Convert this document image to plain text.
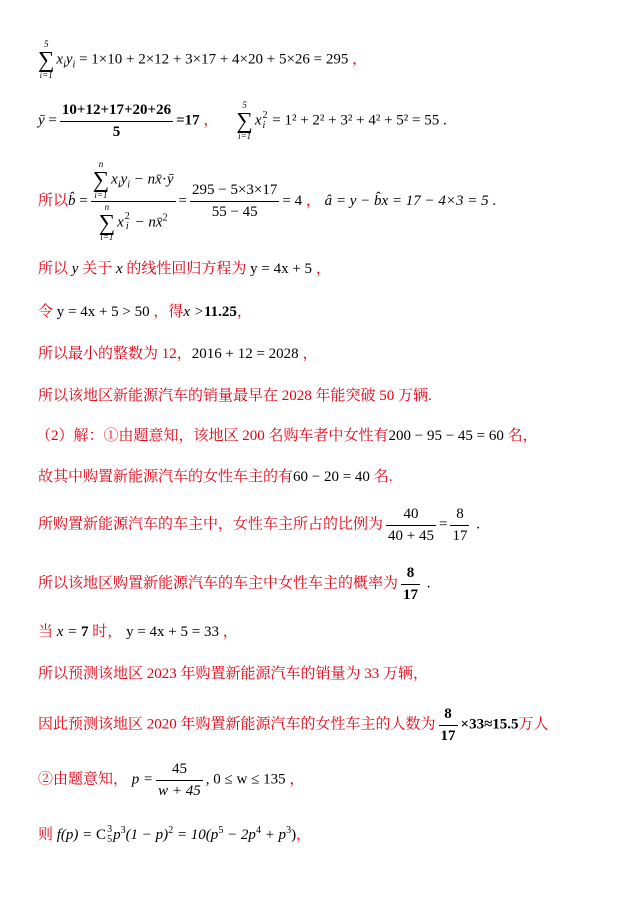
5
∑
i=1
$x_iy_i = 1\times 10 + 2\times 12 + 3\times 17 + 4\times 20 + 5\times 26 = 295$ ，
ȳ = $\frac{10+12+17+20+26}{5} =17$ ，
5
∑
i=1
x 2
i = 1² + 2² + 3² + 4² + 5² = 55 .
所以b̂ = n
∑
i=1
$x_iy_i$ − nx̄·ȳ
n
∑
i=1
x 2
i − nx̄$^2$ = $\frac{295 - 5\times 3\times 17}{55 - 45} = 4$ ， â = y − b̂x = 17 − 4×3 = 5 .
所以 y 关于 x 的线性回归方程为 y = 4x + 5 ，
令 y = 4x + 5 > 50 ，得x >11.25，
所以最小的整数为 12，2016 + 12 = 2028 ，
所以该地区新能源汽车的销量最早在 2028 年能突破 50 万辆.
（2）解：①由题意知，该地区 200 名购车者中女性有200 − 95 − 45 = 60 名，
故其中购置新能源汽车的女性车主的有60 − 20 = 40 名.
所购置新能源汽车的车主中，女性车主所占的比例为 $\frac{40}{40 + 45} = \frac{8}{17}$ .
所以该地区购置新能源汽车的车主中女性车主的概率为 $\frac{8}{17}$ .
当 x = 7 时， y = 4x + 5 = 33 ，
所以预测该地区 2023 年购置新能源汽车的销量为 33 万辆，
因此预测该地区 2020 年购置新能源汽车的女性车主的人数为 $\frac{8}{17} \times 33\approx 15.5$万人
②由题意知， $p = \frac{45}{w + 45}$ , 0 ≤ w ≤ 135 ，
则 f(p) = C 3
5 $p^3(1 - p)^2 = 10(p^5 - 2p^4 + p^3)$，
